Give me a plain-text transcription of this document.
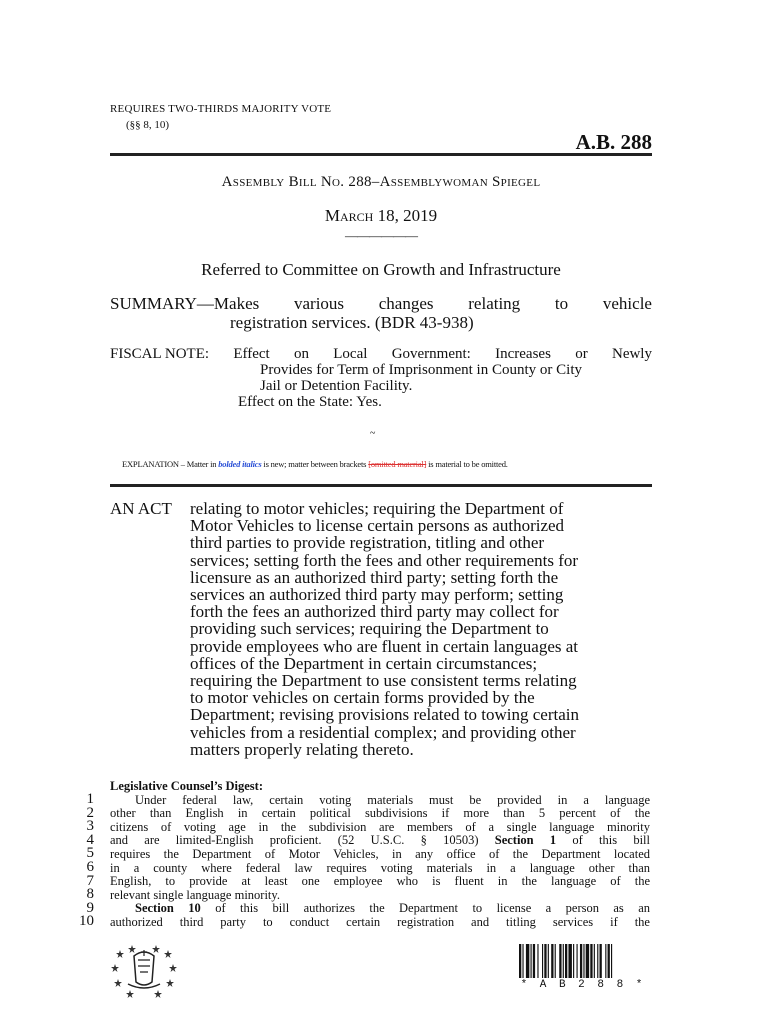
REQUIRES TWO-THIRDS MAJORITY VOTE
(§§ 8, 10)
A.B. 288
Assembly Bill No. 288–Assemblywoman Spiegel
March 18, 2019
——————
Referred to Committee on Growth and Infrastructure
SUMMARY—Makes various changes relating to vehicle
registration services. (BDR 43-938)
FISCAL NOTE: Effect on Local Government: Increases or Newly
Provides for Term of Imprisonment in County or City
Jail or Detention Facility.
Effect on the State: Yes.
~
EXPLANATION – Matter in bolded italics is new; matter between brackets [omitted material] is material to be omitted.
AN ACT	relating to motor vehicles; requiring the Department of
Motor Vehicles to license certain persons as authorized
third parties to provide registration, titling and other
services; setting forth the fees and other requirements for
licensure as an authorized third party; setting forth the
services an authorized third party may perform; setting
forth the fees an authorized third party may collect for
providing such services; requiring the Department to
provide employees who are fluent in certain languages at
offices of the Department in certain circumstances;
requiring the Department to use consistent terms relating
to motor vehicles on certain forms provided by the
Department; revising provisions related to towing certain
vehicles from a residential complex; and providing other
matters properly relating thereto.
1
2
3
4
5
6
7
8
9
10
Legislative Counsel’s Digest:
Under federal law, certain voting materials must be provided in a language
other than English in certain political subdivisions if more than 5 percent of the
citizens of voting age in the subdivision are members of a single language minority
and are limited-English proficient. (52 U.S.C. § 10503) Section 1 of this bill
requires the Department of Motor Vehicles, in any office of the Department located
in a county where federal law requires voting materials in a language other than
English, to provide at least one employee who is fluent in the language of the
relevant single language minority.
Section 10 of this bill authorizes the Department to license a person as an
authorized third party to conduct certain registration and titling services if the
* A B 2 8 8 *
